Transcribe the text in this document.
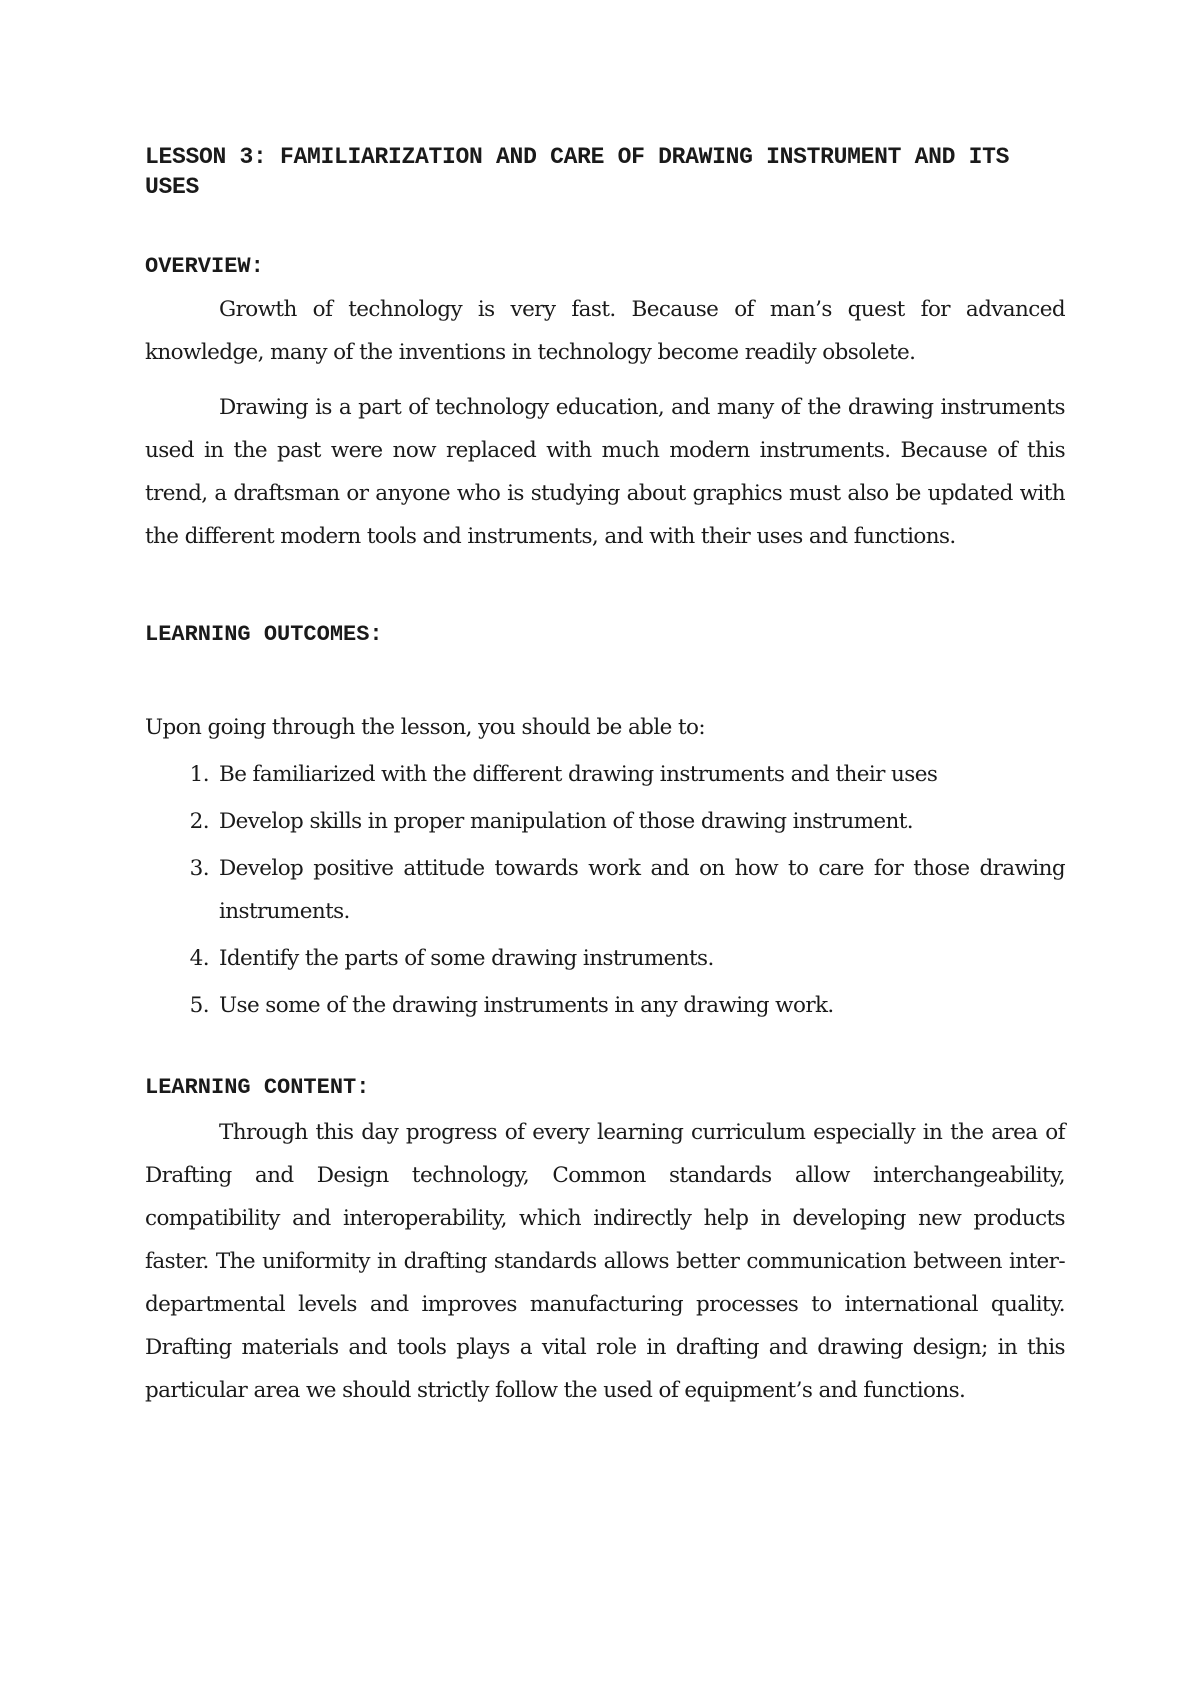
LESSON 3: FAMILIARIZATION AND CARE OF DRAWING INSTRUMENT AND ITS USES
OVERVIEW:

Growth of technology is very fast. Because of man’s quest for advanced knowledge, many of the inventions in technology become readily obsolete.

Drawing is a part of technology education, and many of the drawing instruments used in the past were now replaced with much modern instruments. Because of this trend, a draftsman or anyone who is studying about graphics must also be updated with the different modern tools and instruments, and with their uses and functions.

LEARNING OUTCOMES:

Upon going through the lesson, you should be able to:

1. Be familiarized with the different drawing instruments and their uses
2. Develop skills in proper manipulation of those drawing instrument.
3. Develop positive attitude towards work and on how to care for those drawing instruments.
4. Identify the parts of some drawing instruments.
5. Use some of the drawing instruments in any drawing work.
LEARNING CONTENT:

Through this day progress of every learning curriculum especially in the area of Drafting and Design technology, Common standards allow interchangeability, compatibility and interoperability, which indirectly help in developing new products faster. The uniformity in drafting standards allows better communication between inter-departmental levels and improves manufacturing processes to international quality. Drafting materials and tools plays a vital role in drafting and drawing design; in this particular area we should strictly follow the used of equipment’s and functions.
